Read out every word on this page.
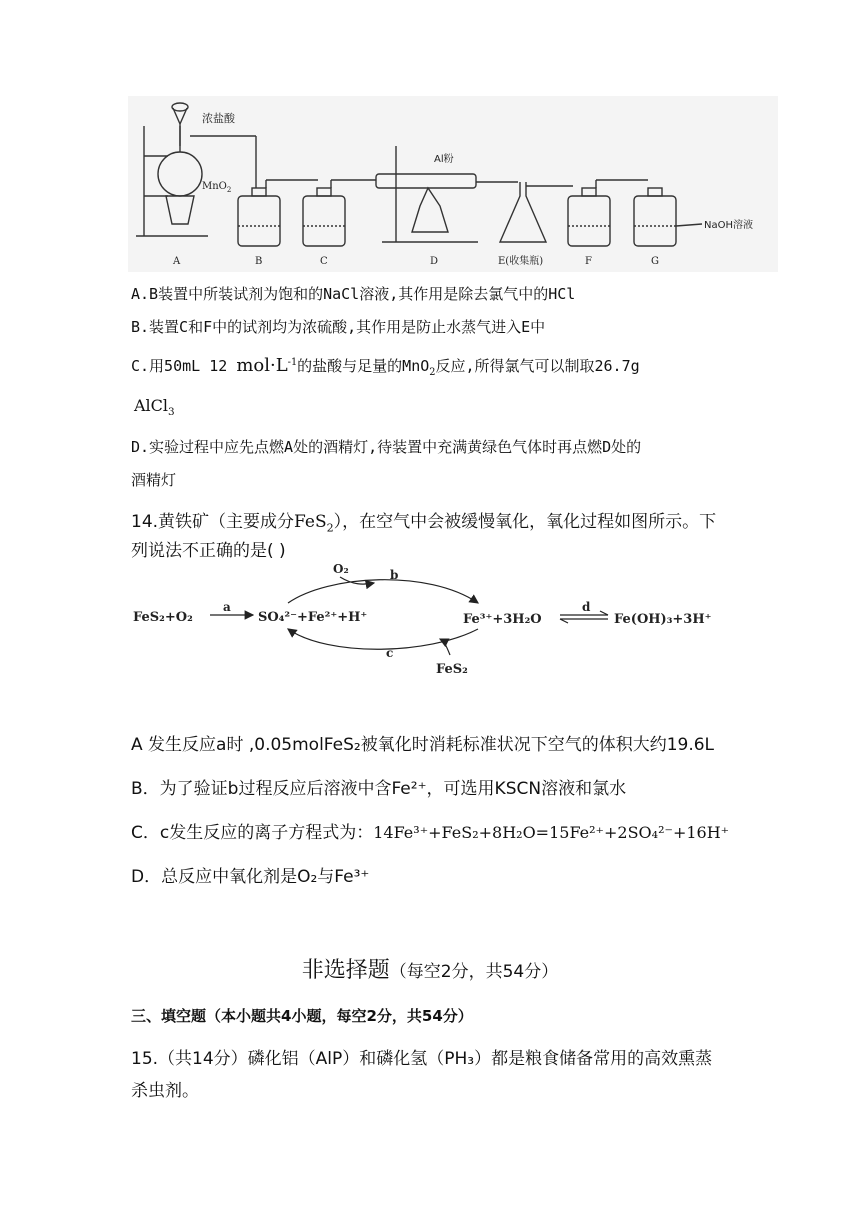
浓盐酸
MnO$_2$
Al粉
NaOH溶液
A	B	C	D	E(收集瓶)	F	G
A.B装置中所装试剂为饱和的NaCl溶液,其作用是除去氯气中的HCl
B.装置C和F中的试剂均为浓硫酸,其作用是防止水蒸气进入E中
C.用50mL 12 $mol\cdot L^{-1}$的盐酸与足量的MnO$_2$反应,所得氯气可以制取26.7g
AlCl$_3$
D.实验过程中应先点燃A处的酒精灯,待装置中充满黄绿色气体时再点燃D处的
酒精灯
14.黄铁矿（主要成分FeS$_2$），在空气中会被缓慢氧化，氧化过程如图所示。下
列说法不正确的是( )
FeS₂+O₂
a
SO₄²⁻+Fe²⁺+H⁺
O₂	b
Fe³⁺+3H₂O
d
Fe(OH)₃+3H⁺
c
FeS₂
A 发生反应a时 ,0.05molFeS₂被氧化时消耗标准状况下空气的体积大约19.6L
B．为了验证b过程反应后溶液中含Fe²⁺，可选用KSCN溶液和氯水
C．c发生反应的离子方程式为：14Fe³⁺+FeS₂+8H₂O=15Fe²⁺+2SO₄²⁻+16H⁺
D．总反应中氧化剂是O₂与Fe³⁺
非选择题（每空2分，共54分）
三、填空题（本小题共4小题，每空2分，共54分）
15.（共14分）磷化铝（AlP）和磷化氢（PH₃）都是粮食储备常用的高效熏蒸
杀虫剂。
